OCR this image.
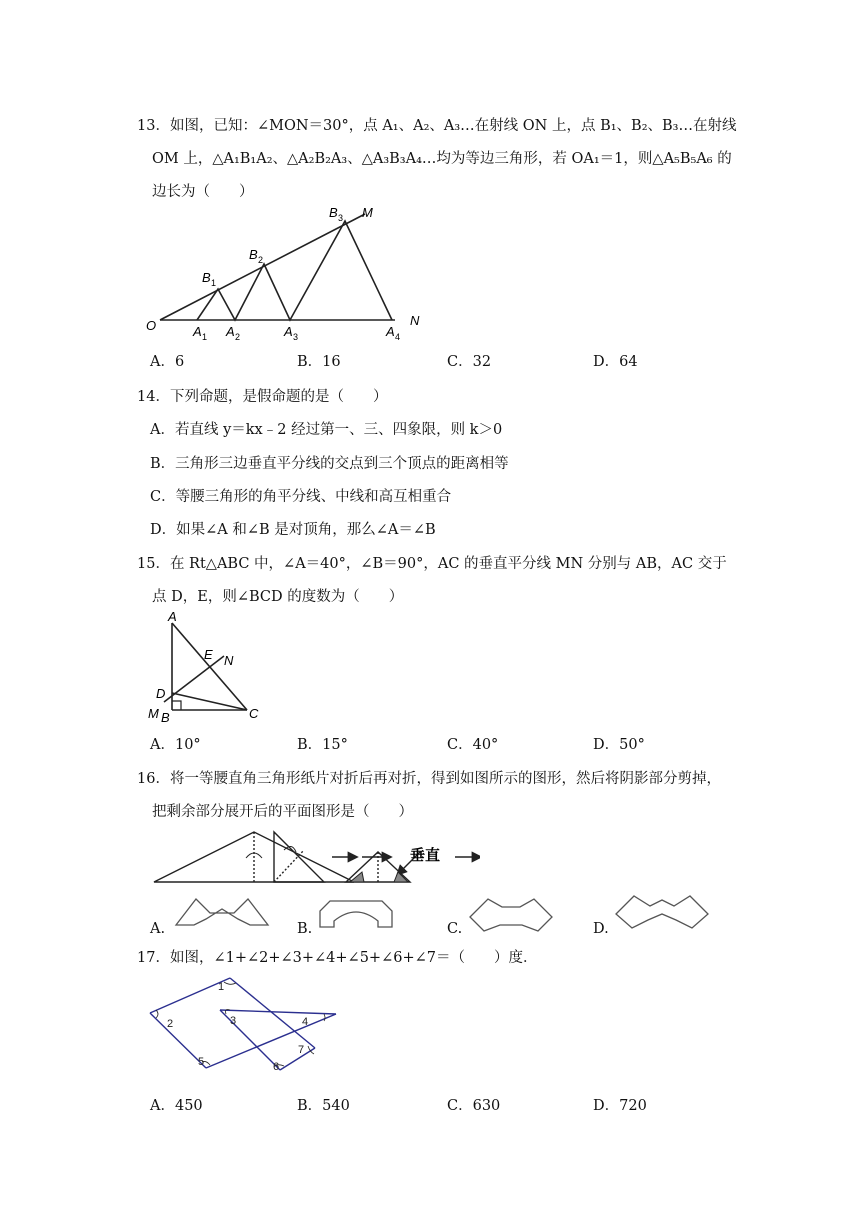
13．如图，已知：∠MON＝30°，点 A₁、A₂、A₃…在射线 ON 上，点 B₁、B₂、B₃…在射线
OM 上，△A₁B₁A₂、△A₂B₂A₃、△A₃B₃A₄…均为等边三角形，若 OA₁＝1，则△A₅B₅A₆ 的
边长为（　　）
O	A 1 A 2	A 3	A 4
N
B 1
B 2
B 3 M
A．6	B．16	C．32	D．64
14．下列命题，是假命题的是（　　）
A．若直线 y＝kx﹣2 经过第一、三、四象限，则 k＞0
B．三角形三边垂直平分线的交点到三个顶点的距离相等
C．等腰三角形的角平分线、中线和高互相重合
D．如果∠A 和∠B 是对顶角，那么∠A＝∠B
15．在 Rt△ABC 中，∠A＝40°，∠B＝90°，AC 的垂直平分线 MN 分别与 AB，AC 交于
点 D，E，则∠BCD 的度数为（　　）
A
E N
D
M B	C
A．10°	B．15°	C．40°	D．50°
16．将一等腰直角三角形纸片对折后再对折，得到如图所示的图形，然后将阴影部分剪掉，
把剩余部分展开后的平面图形是（　　）
垂直
A.	B.	C.	D.
17．如图，∠1+∠2+∠3+∠4+∠5+∠6+∠7＝（　　）度．
1
2	3	4
5	6
7
A．450	B．540	C．630	D．720
